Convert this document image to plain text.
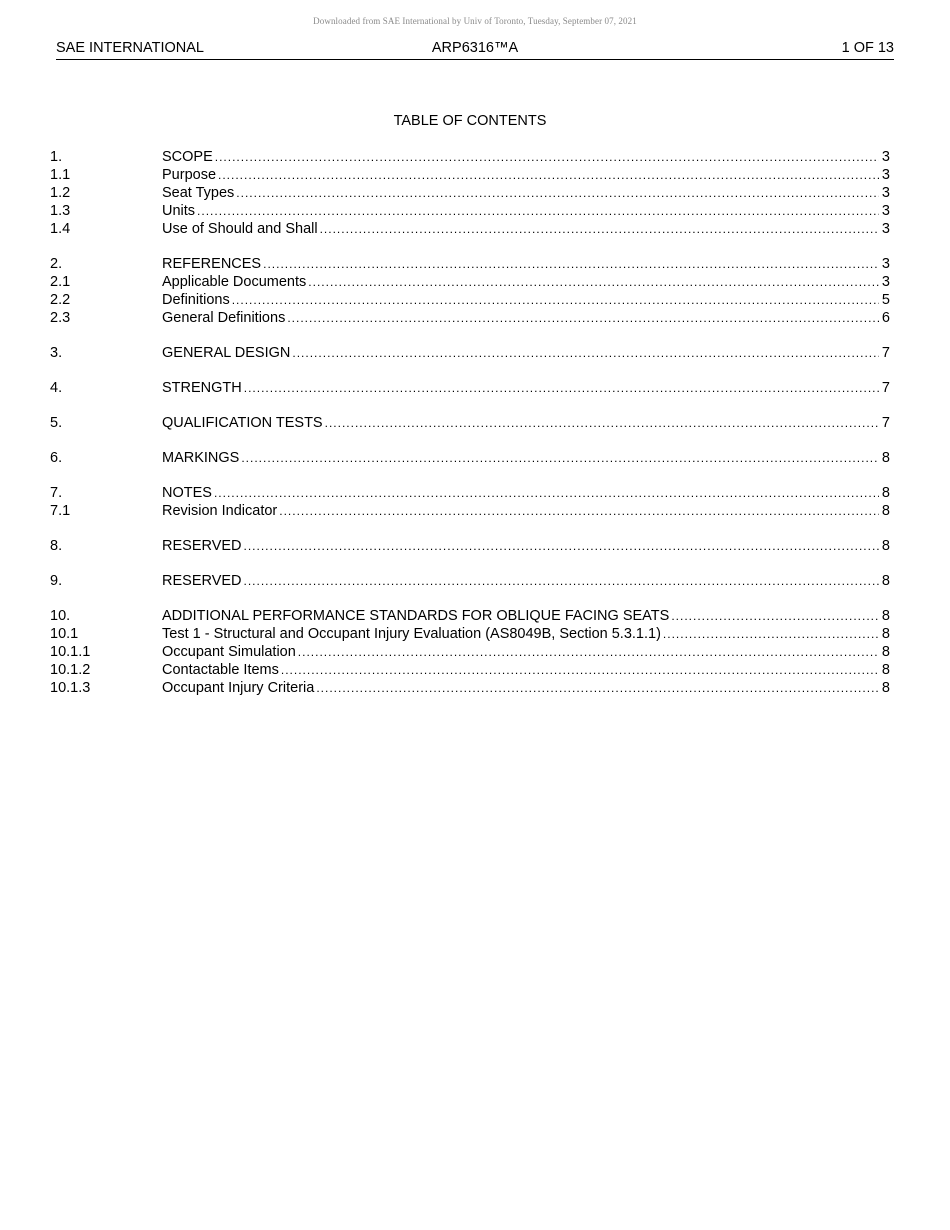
Downloaded from SAE International by Univ of Toronto, Tuesday, September 07, 2021
SAE INTERNATIONAL	ARP6316™A	1 OF 13
TABLE OF CONTENTS
1.	SCOPE .....	3
1.1	Purpose .....	3
1.2	Seat Types .....	3
1.3	Units .....	3
1.4	Use of Should and Shall .....	3
2.	REFERENCES .....	3
2.1	Applicable Documents .....	3
2.2	Definitions .....	5
2.3	General Definitions .....	6
3.	GENERAL DESIGN .....	7
4.	STRENGTH .....	7
5.	QUALIFICATION TESTS .....	7
6.	MARKINGS .....	8
7.	NOTES .....	8
7.1	Revision Indicator .....	8
8.	RESERVED .....	8
9.	RESERVED .....	8
10.	ADDITIONAL PERFORMANCE STANDARDS FOR OBLIQUE FACING SEATS .....	8
10.1	Test 1 - Structural and Occupant Injury Evaluation (AS8049B, Section 5.3.1.1) .....	8
10.1.1	Occupant Simulation .....	8
10.1.2	Contactable Items .....	8
10.1.3	Occupant Injury Criteria .....	8
